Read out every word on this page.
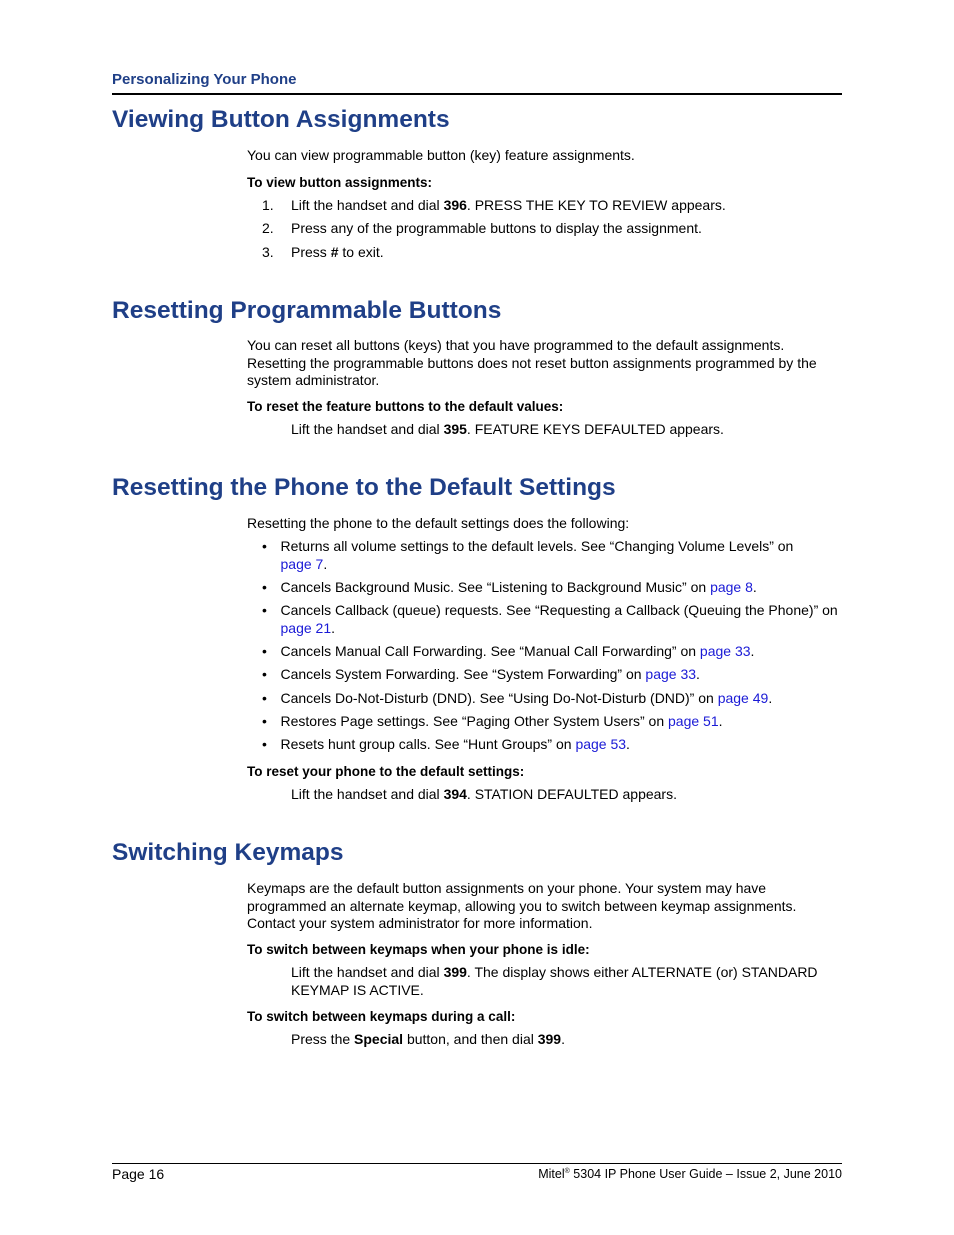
Personalizing Your Phone
Viewing Button Assignments
You can view programmable button (key) feature assignments.
To view button assignments:
1. Lift the handset and dial 396. PRESS THE KEY TO REVIEW appears.
2. Press any of the programmable buttons to display the assignment.
3. Press # to exit.
Resetting Programmable Buttons
You can reset all buttons (keys) that you have programmed to the default assignments. Resetting the programmable buttons does not reset button assignments programmed by the system administrator.
To reset the feature buttons to the default values:
Lift the handset and dial 395. FEATURE KEYS DEFAULTED appears.
Resetting the Phone to the Default Settings
Resetting the phone to the default settings does the following:
• Returns all volume settings to the default levels. See “Changing Volume Levels” on page 7.
• Cancels Background Music. See “Listening to Background Music” on page 8.
• Cancels Callback (queue) requests. See “Requesting a Callback (Queuing the Phone)” on page 21.
• Cancels Manual Call Forwarding. See “Manual Call Forwarding” on page 33.
• Cancels System Forwarding. See “System Forwarding” on page 33.
• Cancels Do-Not-Disturb (DND). See “Using Do-Not-Disturb (DND)” on page 49.
• Restores Page settings. See “Paging Other System Users” on page 51.
• Resets hunt group calls. See “Hunt Groups” on page 53.
To reset your phone to the default settings:
Lift the handset and dial 394. STATION DEFAULTED appears.
Switching Keymaps
Keymaps are the default button assignments on your phone. Your system may have programmed an alternate keymap, allowing you to switch between keymap assignments. Contact your system administrator for more information.
To switch between keymaps when your phone is idle:
Lift the handset and dial 399. The display shows either ALTERNATE (or) STANDARD KEYMAP IS ACTIVE.
To switch between keymaps during a call:
Press the Special button, and then dial 399.
Page 16	Mitel® 5304 IP Phone User Guide – Issue 2, June 2010
